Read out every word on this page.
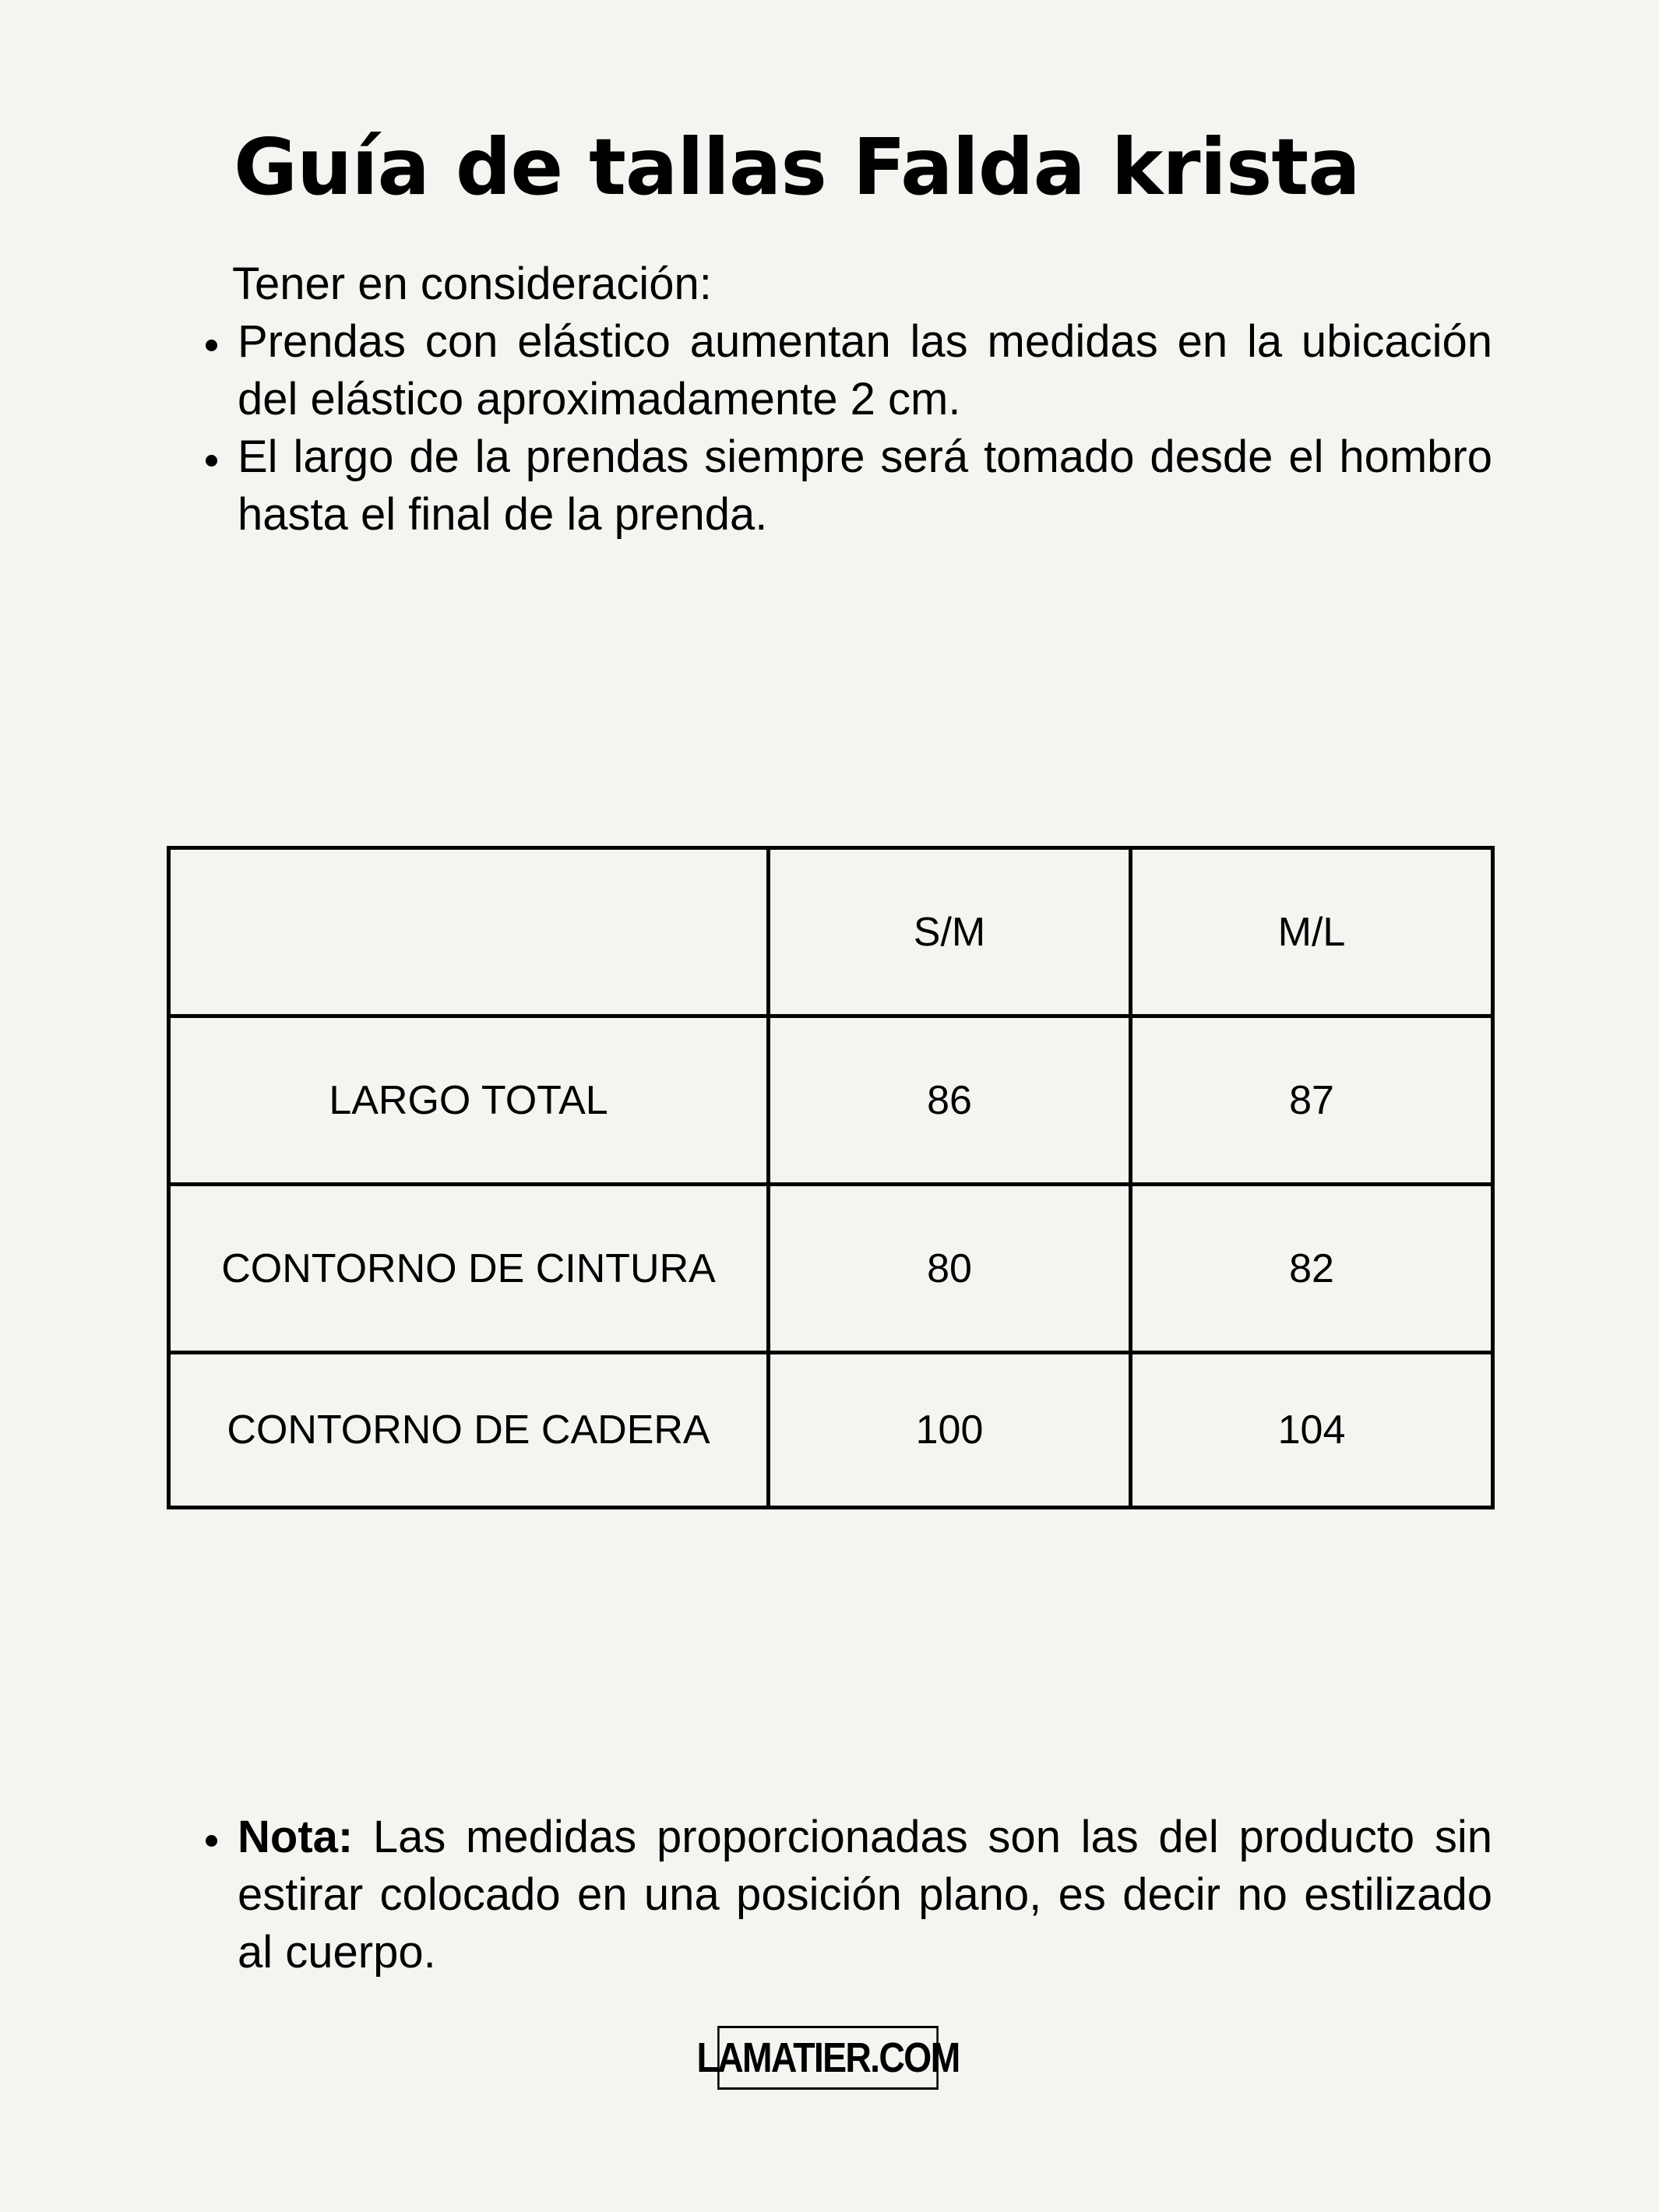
Guía de tallas Falda krista
Tener en consideración:
Prendas con elástico aumentan las medidas en la ubicación del elástico aproximadamente 2 cm.
El largo de la prendas siempre será tomado desde el hombro hasta el final de la prenda.
	S/M	M/L
LARGO TOTAL	86	87
CONTORNO DE CINTURA	80	82
CONTORNO DE CADERA	100	104
Nota: Las medidas proporcionadas son las del producto sin estirar colocado en una posición plano, es decir no estilizado al cuerpo.
LAMATIER.COM
